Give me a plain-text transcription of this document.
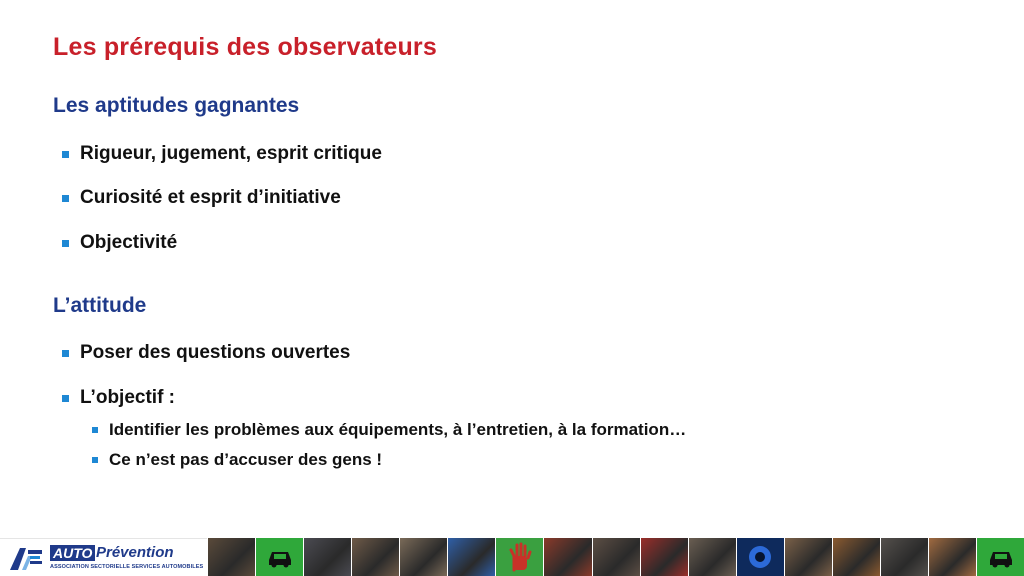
Les prérequis des observateurs
Les aptitudes gagnantes
Rigueur, jugement, esprit critique
Curiosité et esprit d’initiative
Objectivité
L’attitude
Poser des questions ouvertes
L’objectif :
Identifier les problèmes aux équipements, à l’entretien, à la formation…
Ce n’est pas d’accuser des gens !
AUTO Prévention
ASSOCIATION SECTORIELLE SERVICES AUTOMOBILES
